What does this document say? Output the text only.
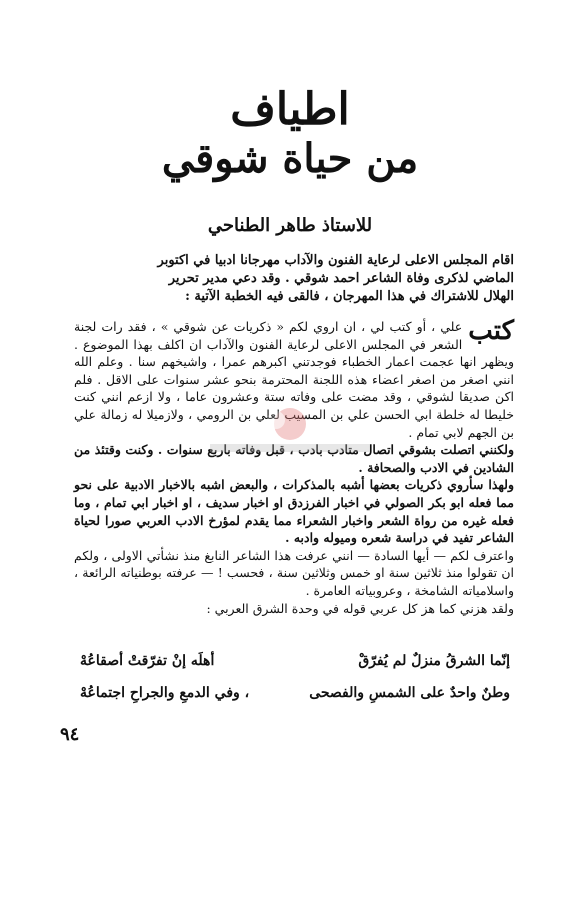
اطياف
من حياة شوقي
للاستاذ طاهر الطناحي

اقام المجلس الاعلى لرعاية الفنون والآداب مهرجانا ادبيا في اكتوبر

الماضي لذكرى وفاة الشاعر احمد شوقي . وقد دعي مدير تحرير

الهلال للاشتراك في هذا المهرجان ، فالقى فيه الخطبة الآتية :

كتب
علي ، أو كتب لي ، ان اروي لكم « ذكريات عن شوقي » ، فقد رات لجنة الشعر في المجلس الاعلى لرعاية الفنون والآداب ان اكلف بهذا الموضوع . ويظهر انها عجمت اعمار الخطباء فوجدتني اكبرهم عمرا ، واشيخهم سنا . وعلم الله انني اصغر من اصغر اعضاء هذه اللجنة المحترمة بنحو عشر سنوات على الاقل . فلم اكن صديقا لشوقي ، وقد مضت على وفاته ستة وعشرون عاما ، ولا ازعم انني كنت خليطا له خلطة ابي الحسن علي بن المسيب لعلي بن الرومي ، ولازميلا له زمالة علي بن الجهم لابي تمام .

ولكنني اتصلت بشوقي اتصال متادب بادب ، قبل وفاته باربع سنوات . وكنت وقتئذ من الشادين في الادب والصحافة .

ولهذا سأروي ذكريات بعضها أشبه بالمذكرات ، والبعض اشبه بالاخبار الادبية على نحو مما فعله ابو بكر الصولي في اخبار الفرزدق او اخبار سديف ، او اخبار ابي تمام ، وما فعله غيره من رواة الشعر واخبار الشعراء مما يقدم لمؤرخ الادب العربي صورا لحياة الشاعر تفيد في دراسة شعره وميوله وادبه .

واعترف لكم — أيها السادة — انني عرفت هذا الشاعر النابغ منذ نشأتي الاولى ، ولكم ان تقولوا منذ ثلاثين سنة او خمس وثلاثين سنة ، فحسب ! — عرفته بوطنياته الرائعة ، واسلامياته الشامخة ، وعروبياته العامرة .

ولقد هزني كما هز كل عربي قوله في وحدة الشرق العربي :

إنّما الشرقُ منزلٌ لم يُفرّقْ
أهلَه إنْ تفرّقتْ أصقاعُهْ
وطنٌ واحدٌ على الشمسِ والفصحى
، وفي الدمعِ والجراحِ اجتماعُهْ
٩٤
